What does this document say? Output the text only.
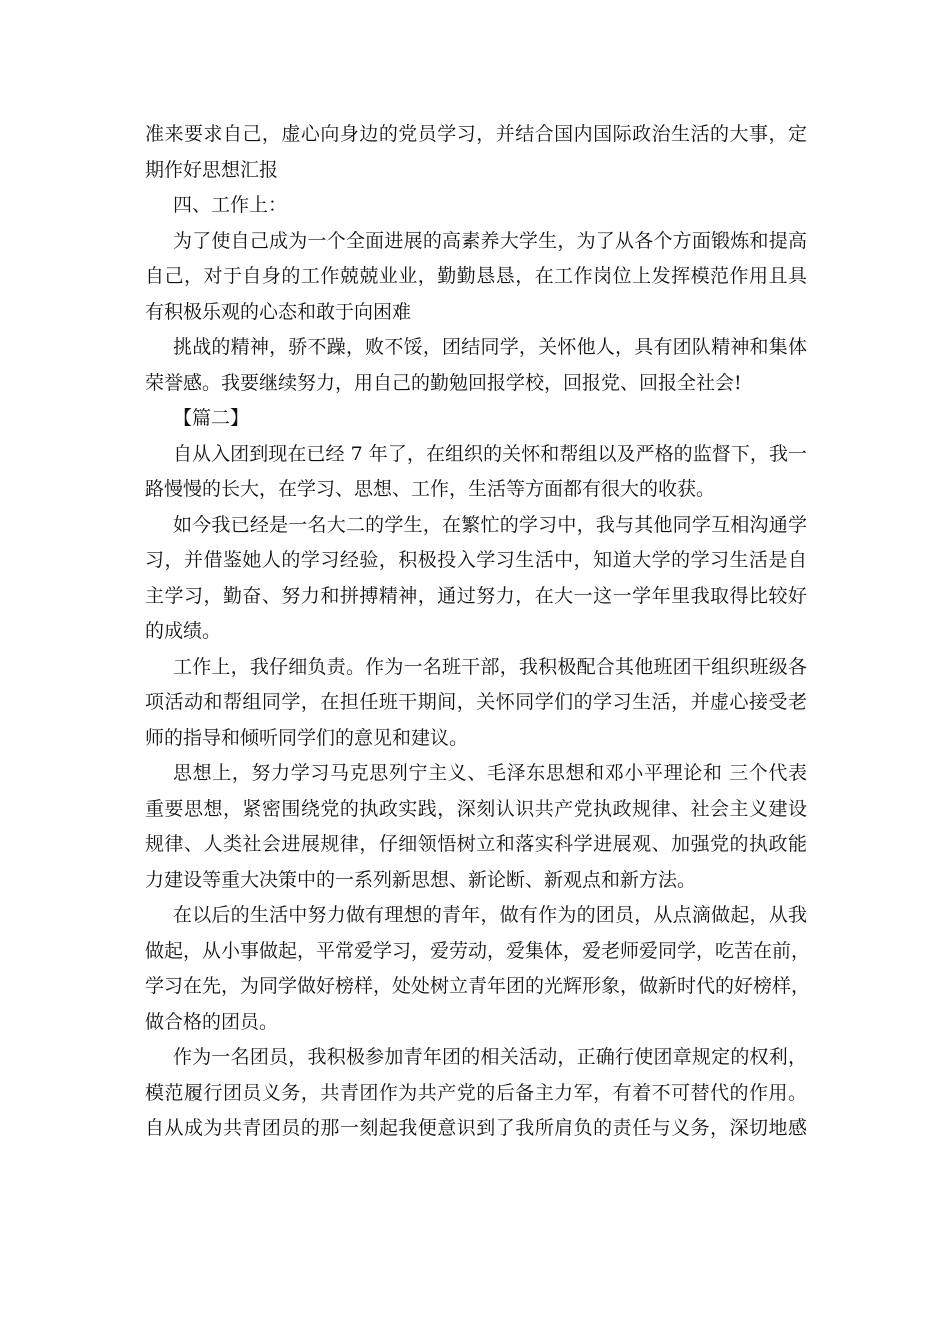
准来要求自己，虚心向身边的党员学习，并结合国内国际政治生活的大事，定
期作好思想汇报
四、工作上：
为了使自己成为一个全面进展的高素养大学生，为了从各个方面锻炼和提高
自己，对于自身的工作兢兢业业，勤勤恳恳，在工作岗位上发挥模范作用且具
有积极乐观的心态和敢于向困难
挑战的精神，骄不躁，败不馁，团结同学，关怀他人，具有团队精神和集体
荣誉感。我要继续努力，用自己的勤勉回报学校，回报党、回报全社会!
【篇二】
自从入团到现在已经 7 年了，在组织的关怀和帮组以及严格的监督下，我一
路慢慢的长大，在学习、思想、工作，生活等方面都有很大的收获。
如今我已经是一名大二的学生，在繁忙的学习中，我与其他同学互相沟通学
习，并借鉴她人的学习经验，积极投入学习生活中，知道大学的学习生活是自
主学习，勤奋、努力和拼搏精神，通过努力，在大一这一学年里我取得比较好
的成绩。
工作上，我仔细负责。作为一名班干部，我积极配合其他班团干组织班级各
项活动和帮组同学，在担任班干期间，关怀同学们的学习生活，并虚心接受老
师的指导和倾听同学们的意见和建议。
思想上，努力学习马克思列宁主义、毛泽东思想和邓小平理论和 三个代表
重要思想，紧密围绕党的执政实践，深刻认识共产党执政规律、社会主义建设
规律、人类社会进展规律，仔细领悟树立和落实科学进展观、加强党的执政能
力建设等重大决策中的一系列新思想、新论断、新观点和新方法。
在以后的生活中努力做有理想的青年，做有作为的团员，从点滴做起，从我
做起，从小事做起，平常爱学习，爱劳动，爱集体，爱老师爱同学，吃苦在前，
学习在先，为同学做好榜样，处处树立青年团的光辉形象，做新时代的好榜样，
做合格的团员。
作为一名团员，我积极参加青年团的相关活动，正确行使团章规定的权利，
模范履行团员义务，共青团作为共产党的后备主力军，有着不可替代的作用。
自从成为共青团员的那一刻起我便意识到了我所肩负的责任与义务，深切地感
